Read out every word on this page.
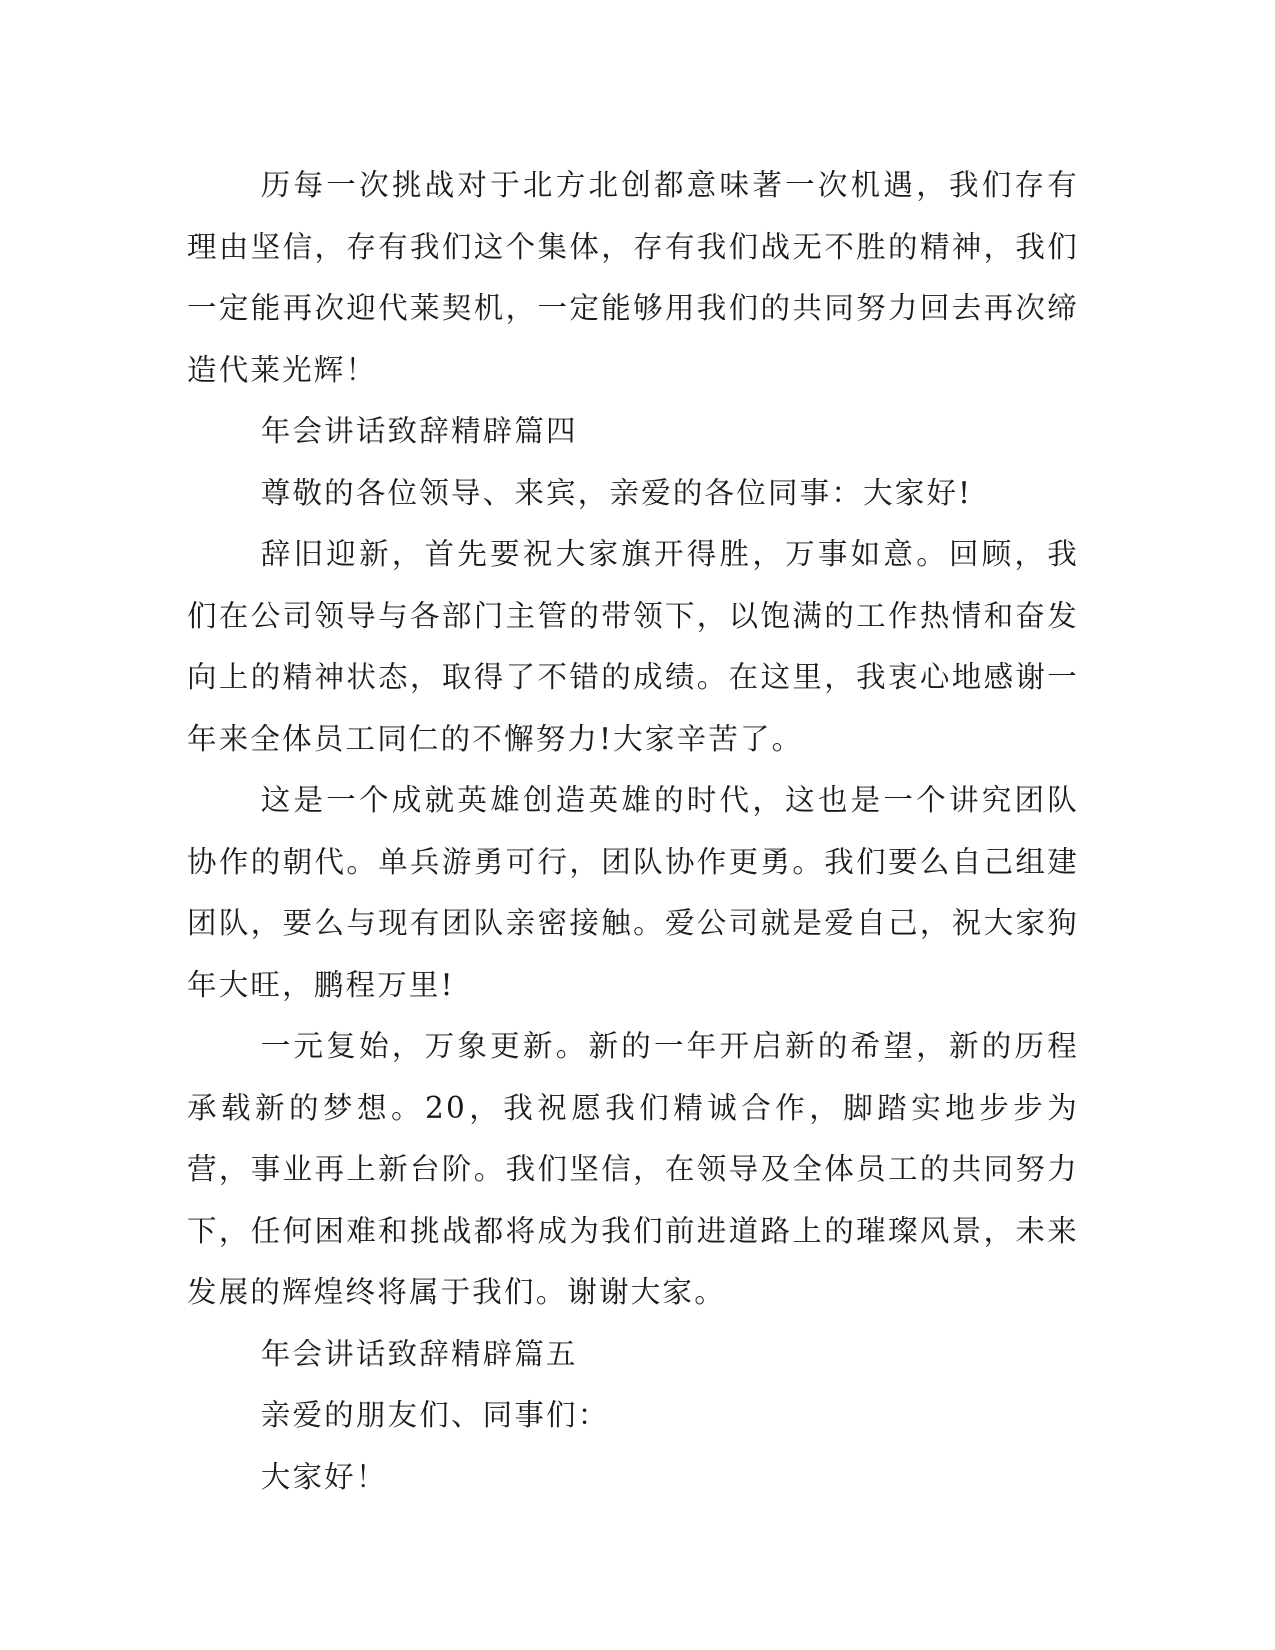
历每一次挑战对于北方北创都意味著一次机遇，我们存有理由坚信，存有我们这个集体，存有我们战无不胜的精神，我们一定能再次迎代莱契机，一定能够用我们的共同努力回去再次缔造代莱光辉！

年会讲话致辞精辟篇四

尊敬的各位领导、来宾，亲爱的各位同事：大家好!

辞旧迎新，首先要祝大家旗开得胜，万事如意。回顾，我们在公司领导与各部门主管的带领下，以饱满的工作热情和奋发向上的精神状态，取得了不错的成绩。在这里，我衷心地感谢一年来全体员工同仁的不懈努力!大家辛苦了。

这是一个成就英雄创造英雄的时代，这也是一个讲究团队协作的朝代。单兵游勇可行，团队协作更勇。我们要么自己组建团队，要么与现有团队亲密接触。爱公司就是爱自己，祝大家狗年大旺，鹏程万里!

一元复始，万象更新。新的一年开启新的希望，新的历程承载新的梦想。20，我祝愿我们精诚合作，脚踏实地步步为营，事业再上新台阶。我们坚信，在领导及全体员工的共同努力下，任何困难和挑战都将成为我们前进道路上的璀璨风景，未来发展的辉煌终将属于我们。谢谢大家。

年会讲话致辞精辟篇五

亲爱的朋友们、同事们：

大家好！
